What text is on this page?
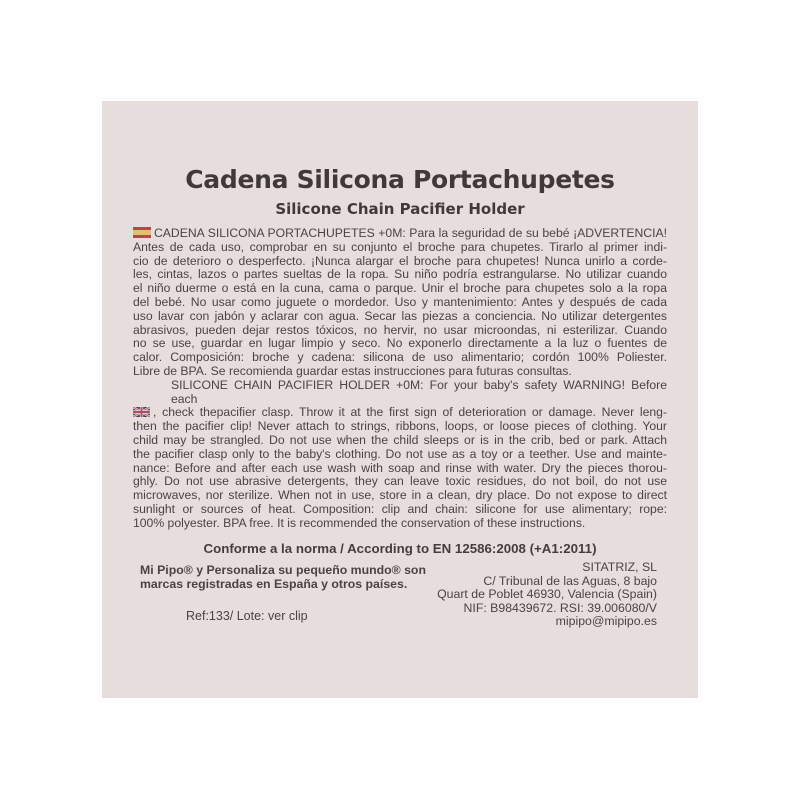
Cadena Silicona Portachupetes
Silicone Chain Pacifier Holder
CADENA SILICONA PORTACHUPETES +0M: Para la seguridad de su bebé ¡ADVERTENCIA!
Antes de cada uso, comprobar en su conjunto el broche para chupetes. Tirarlo al primer indi-
cio de deterioro o desperfecto. ¡Nunca alargar el broche para chupetes! Nunca unirlo a corde-
les, cintas, lazos o partes sueltas de la ropa. Su niño podría estrangularse. No utilizar cuando
el niño duerme o está en la cuna, cama o parque. Unir el broche para chupetes solo a la ropa
del bebé. No usar como juguete o mordedor. Uso y mantenimiento: Antes y después de cada
uso lavar con jabón y aclarar con agua. Secar las piezas a conciencia. No utilizar detergentes
abrasivos, pueden dejar restos tóxicos, no hervir, no usar microondas, ni esterilizar. Cuando
no se use, guardar en lugar limpio y seco. No exponerlo directamente a la luz o fuentes de
calor. Composición: broche y cadena: silicona de uso alimentario; cordón 100% Poliester.
Libre de BPA. Se recomienda guardar estas instrucciones para futuras consultas.
SILICONE CHAIN PACIFIER HOLDER +0M: For your baby's safety WARNING! Before each
, check thepacifier clasp. Throw it at the first sign of deterioration or damage. Never leng-
then the pacifier clip! Never attach to strings, ribbons, loops, or loose pieces of clothing. Your
child may be strangled. Do not use when the child sleeps or is in the crib, bed or park. Attach
the pacifier clasp only to the baby's clothing. Do not use as a toy or a teether. Use and mainte-
nance: Before and after each use wash with soap and rinse with water. Dry the pieces thorou-
ghly. Do not use abrasive detergents, they can leave toxic residues, do not boil, do not use
microwaves, nor sterilize. When not in use, store in a clean, dry place. Do not expose to direct
sunlight or sources of heat. Composition: clip and chain: silicone for use alimentary; rope:
100% polyester. BPA free. It is recommended the conservation of these instructions.
Conforme a la norma / According to EN 12586:2008 (+A1:2011)
Mi Pipo® y Personaliza su pequeño mundo® son
marcas registradas en España y otros países.
SITATRIZ, SL
C/ Tribunal de las Aguas, 8 bajo
Quart de Poblet 46930, Valencia (Spain)
NIF: B98439672. RSI: 39.006080/V
mipipo@mipipo.es
Ref:133/ Lote: ver clip
